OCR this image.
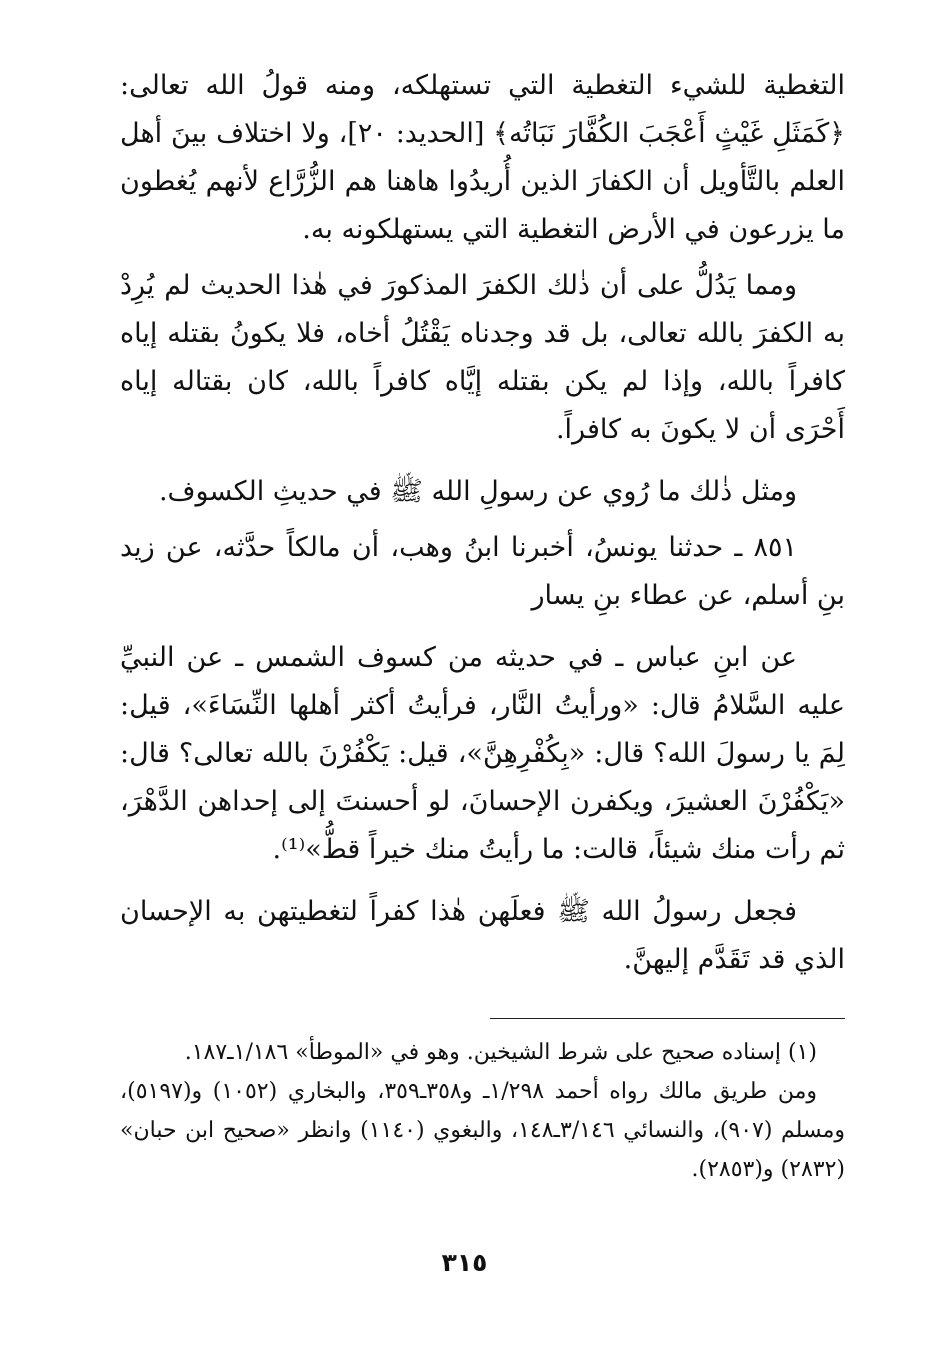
التغطية للشيء التغطية التي تستهلكه، ومنه قولُ الله تعالى: ﴿كَمَثَلِ غَيْثٍ أَعْجَبَ الكُفَّارَ نَبَاتُه﴾ [الحديد: ٢٠]، ولا اختلاف بينَ أهل العلم بالتَّأويل أن الكفارَ الذين أُريدُوا هاهنا هم الزُّرَّاع لأنهم يُغطون ما يزرعون في الأرض التغطية التي يستهلكونه به.

ومما يَدُلُّ على أن ذٰلك الكفرَ المذكورَ في هٰذا الحديث لم يُرِدْ به الكفرَ بالله تعالى، بل قد وجدناه يَقْتُلُ أخاه، فلا يكونُ بقتله إياه كافراً بالله، وإذا لم يكن بقتله إيَّاه كافراً بالله، كان بقتاله إياه أَحْرَى أن لا يكونَ به كافراً.

ومثل ذٰلك ما رُوي عن رسولِ الله ﷺ في حديثِ الكسوف.

٨٥١ ـ حدثنا يونسُ، أخبرنا ابنُ وهب، أن مالكاً حدَّثه، عن زيد بنِ أسلم، عن عطاء بنِ يسار

عن ابنِ عباس ـ في حديثه من كسوف الشمس ـ عن النبيِّ عليه السَّلامُ قال: «ورأيتُ النَّار، فرأيتُ أكثر أهلها النِّسَاءَ»، قيل: لِمَ يا رسولَ الله؟ قال: «بِكُفْرِهِنَّ»، قيل: يَكْفُرْنَ بالله تعالى؟ قال: «يَكْفُرْنَ العشيرَ، ويكفرن الإحسانَ، لو أحسنتَ إلى إحداهن الدَّهْرَ، ثم رأت منك شيئاً، قالت: ما رأيتُ منك خيراً قطُّ»⁽¹⁾.

فجعل رسولُ الله ﷺ فعلَهن هٰذا كفراً لتغطيتهن به الإحسان الذي قد تَقَدَّم إليهنَّ.

(١) إسناده صحيح على شرط الشيخين. وهو في «الموطأ» ١/١٨٦ـ١٨٧.

ومن طريق مالك رواه أحمد ١/٢٩٨ـ و٣٥٨ـ٣٥٩، والبخاري (١٠٥٢) و(٥١٩٧)، ومسلم (٩٠٧)، والنسائي ٣/١٤٦ـ١٤٨، والبغوي (١١٤٠) وانظر «صحيح ابن حبان» (٢٨٣٢) و(٢٨٥٣).

٣١٥
